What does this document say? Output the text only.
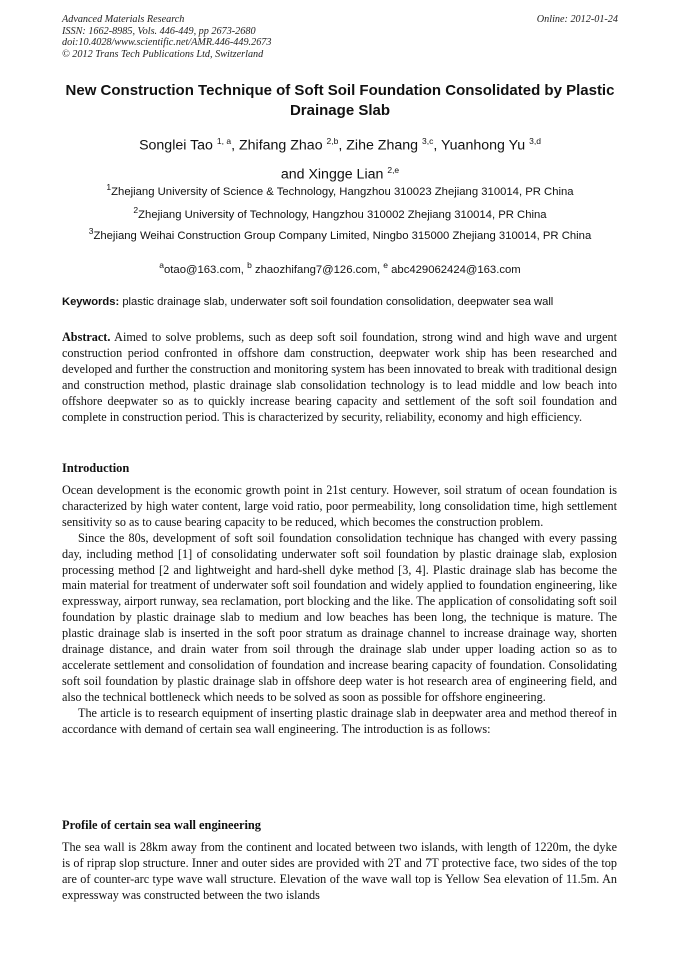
Advanced Materials Research
ISSN: 1662-8985, Vols. 446-449, pp 2673-2680
doi:10.4028/www.scientific.net/AMR.446-449.2673
© 2012 Trans Tech Publications Ltd, Switzerland
Online: 2012-01-24
New Construction Technique of Soft Soil Foundation Consolidated by Plastic Drainage Slab
Songlei Tao $^{1, a}$, Zhifang Zhao $^{2,b}$, Zihe Zhang $^{3,c}$, Yuanhong Yu $^{3,d}$
and Xingge Lian $^{2,e}$
$^1$Zhejiang University of Science & Technology, Hangzhou 310023 Zhejiang 310014, PR China
$^2$Zhejiang University of Technology, Hangzhou 310002 Zhejiang 310014, PR China
$^3$Zhejiang Weihai Construction Group Company Limited, Ningbo 315000 Zhejiang 310014, PR China
$^a$otao@163.com, $^b$ zhaozhifang7@126.com, $^e$ abc429062424@163.com
Keywords: plastic drainage slab, underwater soft soil foundation consolidation, deepwater sea wall
Abstract. Aimed to solve problems, such as deep soft soil foundation, strong wind and high wave and urgent construction period confronted in offshore dam construction, deepwater work ship has been researched and developed and further the construction and monitoring system has been innovated to break with traditional design and construction method, plastic drainage slab consolidation technology is to lead middle and low beach into offshore deepwater so as to quickly increase bearing capacity and settlement of the soft soil foundation and complete in construction period. This is characterized by security, reliability, economy and high efficiency.
Introduction

Ocean development is the economic growth point in 21st century. However, soil stratum of ocean foundation is characterized by high water content, large void ratio, poor permeability, long consolidation time, high settlement sensitivity so as to cause bearing capacity to be reduced, which becomes the construction problem.

Since the 80s, development of soft soil foundation consolidation technique has changed with every passing day, including method [1] of consolidating underwater soft soil foundation by plastic drainage slab, explosion processing method [2 and lightweight and hard-shell dyke method [3, 4]. Plastic drainage slab has become the main material for treatment of underwater soft soil foundation and widely applied to foundation engineering, like expressway, airport runway, sea reclamation, port blocking and the like. The application of consolidating soft soil foundation by plastic drainage slab to medium and low beaches has been long, the technique is mature. The plastic drainage slab is inserted in the soft poor stratum as drainage channel to increase drainage way, shorten drainage distance, and drain water from soil through the drainage slab under upper loading action so as to accelerate settlement and consolidation of foundation and increase bearing capacity of foundation. Consolidating soft soil foundation by plastic drainage slab in offshore deep water is hot research area of engineering field, and also the technical bottleneck which needs to be solved as soon as possible for offshore engineering.

The article is to research equipment of inserting plastic drainage slab in deepwater area and method thereof in accordance with demand of certain sea wall engineering. The introduction is as follows:

Profile of certain sea wall engineering

The sea wall is 28km away from the continent and located between two islands, with length of 1220m, the dyke is of riprap slop structure. Inner and outer sides are provided with 2T and 7T protective face, two sides of the top are of counter-arc type wave wall structure. Elevation of the wave wall top is Yellow Sea elevation of 11.5m. An expressway was constructed between the two islands
